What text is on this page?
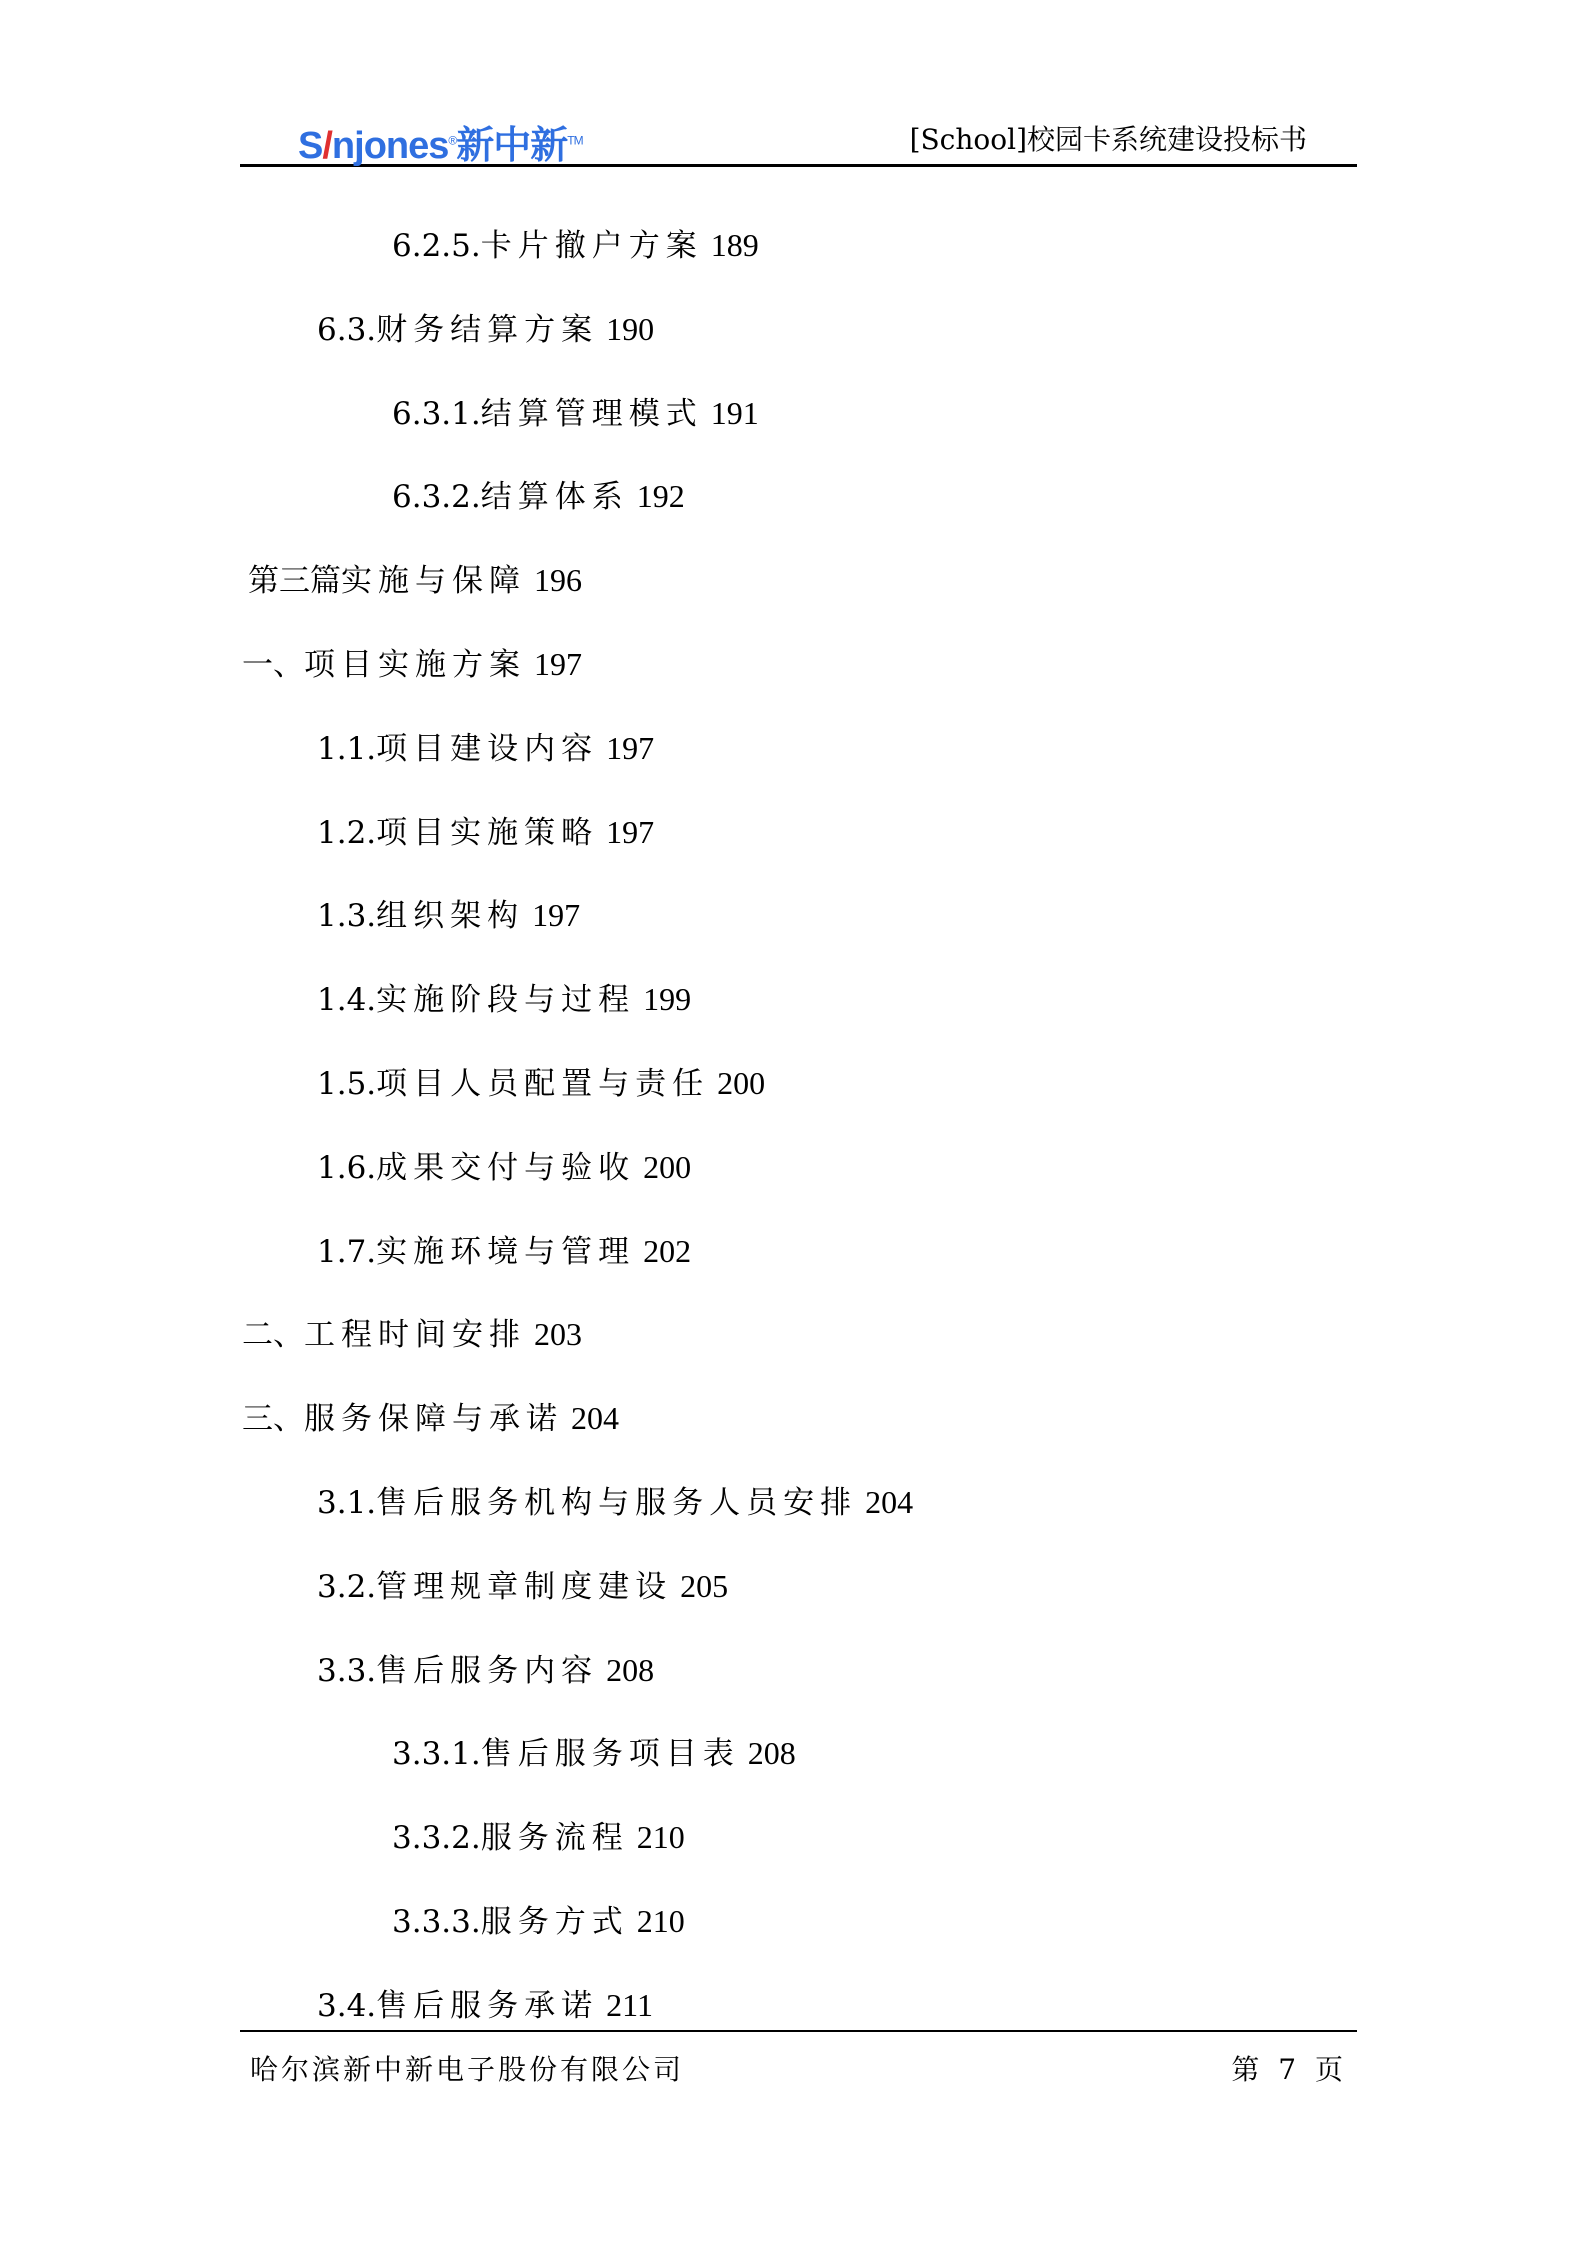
S/njones®新中新™	[School]校园卡系统建设投标书
6.2.5. 卡片撤户方案 189
6.3. 财务结算方案 190
6.3.1. 结算管理模式 191
6.3.2. 结算体系 192
第三篇 实施与保障 196
一、 项目实施方案 197
1.1. 项目建设内容 197
1.2. 项目实施策略 197
1.3. 组织架构 197
1.4. 实施阶段与过程 199
1.5. 项目人员配置与责任 200
1.6. 成果交付与验收 200
1.7. 实施环境与管理 202
二、 工程时间安排 203
三、 服务保障与承诺 204
3.1. 售后服务机构与服务人员安排 204
3.2. 管理规章制度建设 205
3.3. 售后服务内容 208
3.3.1. 售后服务项目表 208
3.3.2. 服务流程 210
3.3.3. 服务方式 210
3.4. 售后服务承诺 211
哈尔滨新中新电子股份有限公司	第 7 页
